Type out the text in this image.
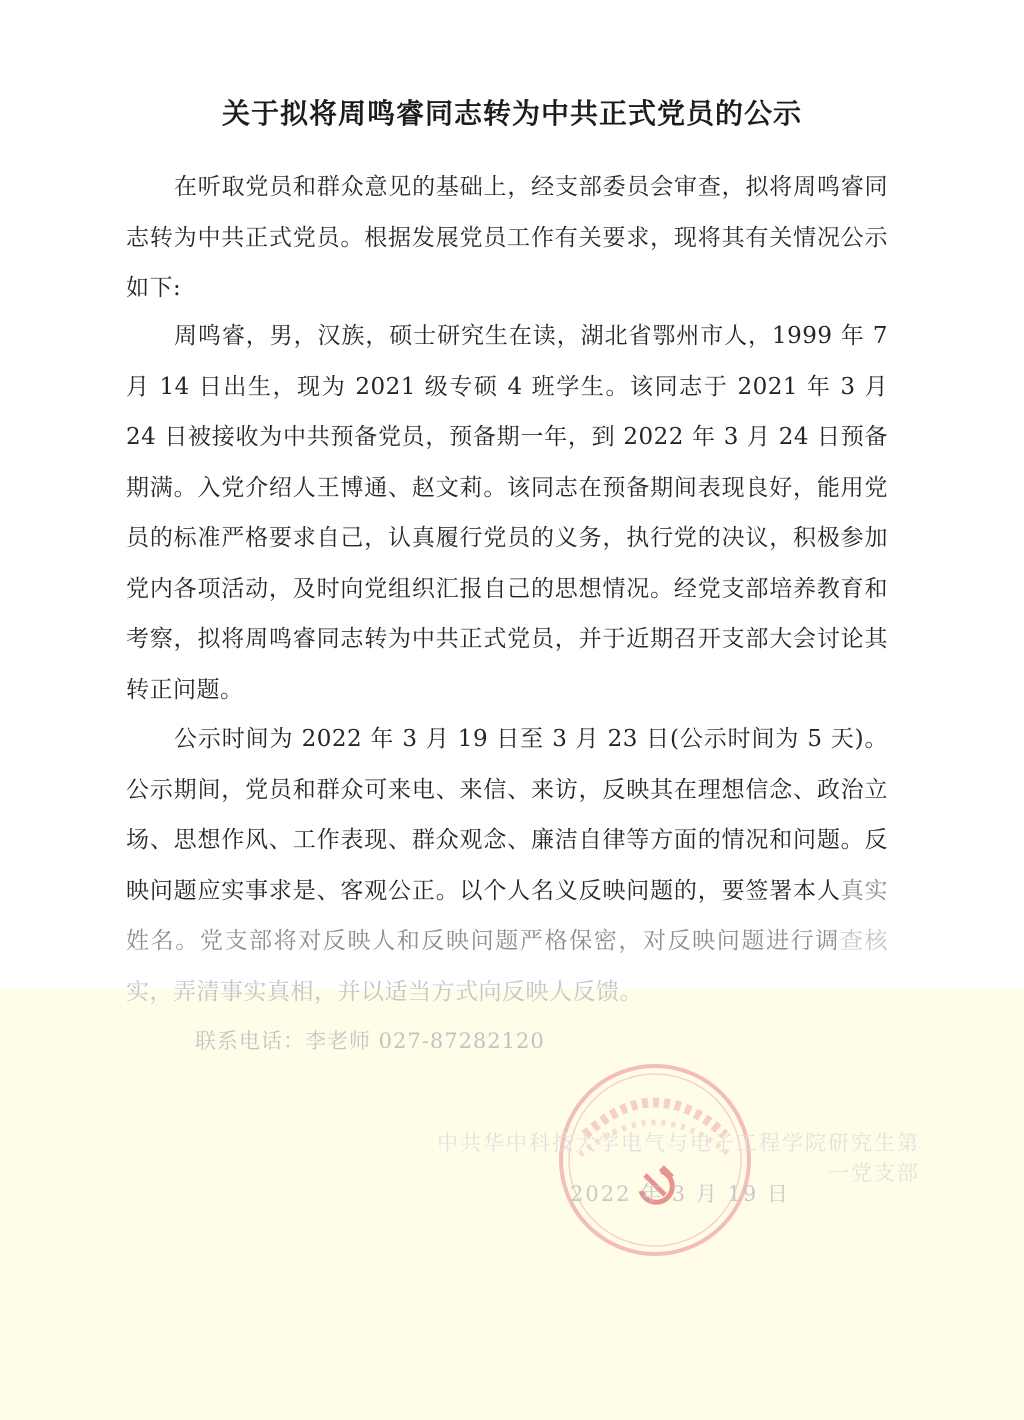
关于拟将周鸣睿同志转为中共正式党员的公示

在听取党员和群众意见的基础上，经支部委员会审查，拟将周鸣睿同志转为中共正式党员。根据发展党员工作有关要求，现将其有关情况公示如下:

周鸣睿，男，汉族，硕士研究生在读，湖北省鄂州市人，1999 年 7 月 14 日出生，现为 2021 级专硕 4 班学生。该同志于 2021 年 3 月 24 日被接收为中共预备党员，预备期一年，到 2022 年 3 月 24 日预备期满。入党介绍人王博通、赵文莉。该同志在预备期间表现良好，能用党员的标准严格要求自己，认真履行党员的义务，执行党的决议，积极参加党内各项活动，及时向党组织汇报自己的思想情况。经党支部培养教育和考察，拟将周鸣睿同志转为中共正式党员，并于近期召开支部大会讨论其转正问题。

公示时间为 2022 年 3 月 19 日至 3 月 23 日(公示时间为 5 天)。公示期间，党员和群众可来电、来信、来访，反映其在理想信念、政治立场、思想作风、工作表现、群众观念、廉洁自律等方面的情况和问题。反映问题应实事求是、客观公正。以个人名义反映问题的，要签署本人真实姓名。党支部将对反映人和反映问题严格保密，对反映问题进行调查核实，弄清事实真相，并以适当方式向反映人反馈。

联系电话：李老师 027-87282120
中共华中科技大学电气与电子工程学院研究生第一党支部
2022 年 3 月 19 日
